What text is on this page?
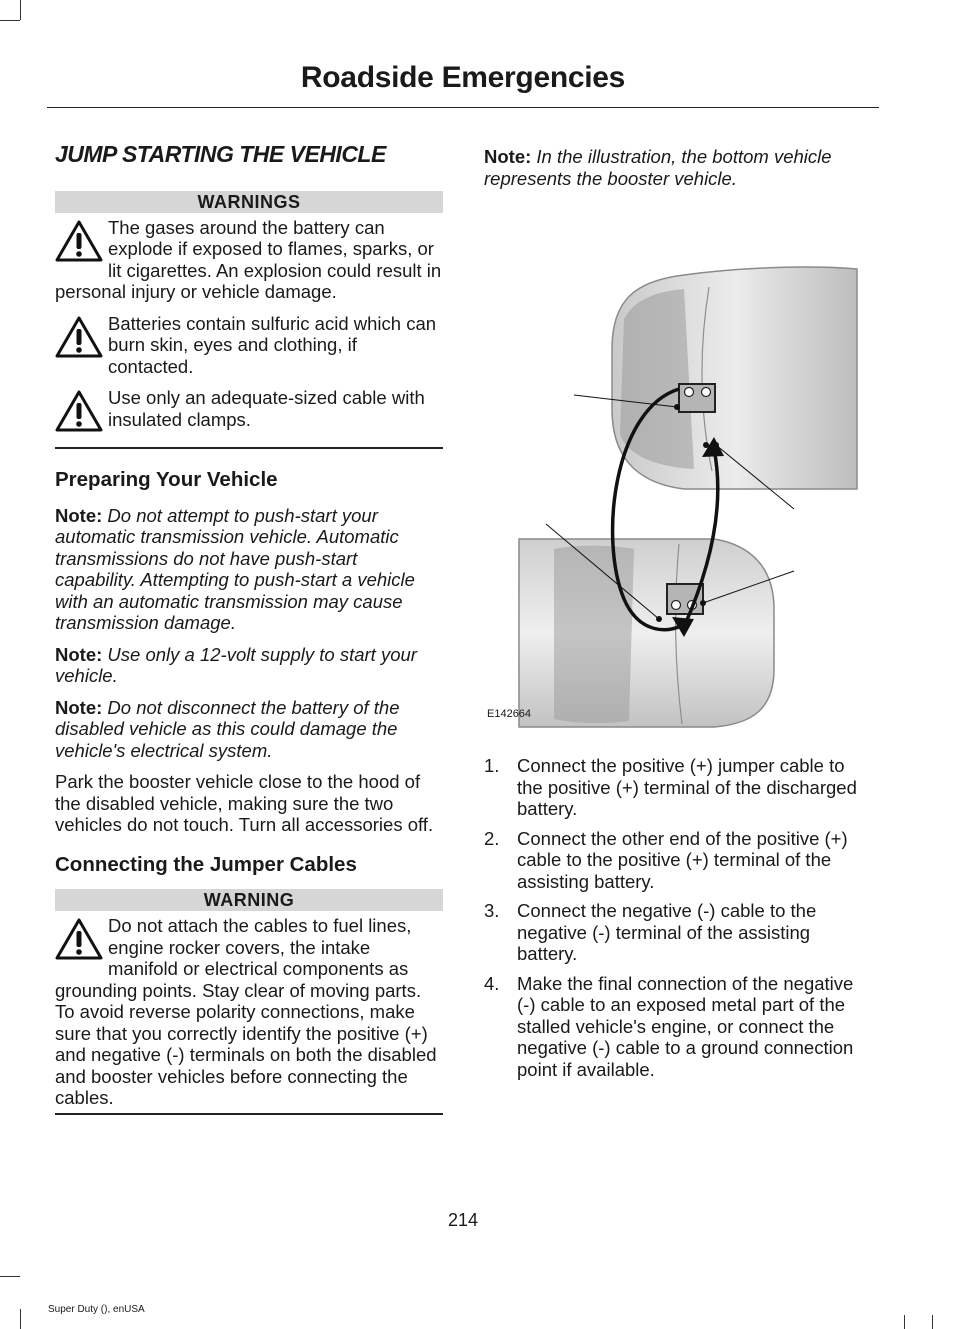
Roadside Emergencies
JUMP STARTING THE VEHICLE
WARNINGS
The gases around the battery can explode if exposed to flames, sparks, or lit cigarettes. An explosion could result in personal injury or vehicle damage.
Batteries contain sulfuric acid which can burn skin, eyes and clothing, if contacted.
Use only an adequate-sized cable with insulated clamps.
Preparing Your Vehicle

Note: Do not attempt to push-start your automatic transmission vehicle. Automatic transmissions do not have push-start capability. Attempting to push-start a vehicle with an automatic transmission may cause transmission damage.

Note: Use only a 12-volt supply to start your vehicle.

Note: Do not disconnect the battery of the disabled vehicle as this could damage the vehicle's electrical system.

Park the booster vehicle close to the hood of the disabled vehicle, making sure the two vehicles do not touch. Turn all accessories off.

Connecting the Jumper Cables
WARNING
Do not attach the cables to fuel lines, engine rocker covers, the intake manifold or electrical components as grounding points. Stay clear of moving parts. To avoid reverse polarity connections, make sure that you correctly identify the positive (+) and negative (-) terminals on both the disabled and booster vehicles before connecting the cables.

Note: In the illustration, the bottom vehicle represents the booster vehicle.

E142664
1. Connect the positive (+) jumper cable to the positive (+) terminal of the discharged battery.
2. Connect the other end of the positive (+) cable to the positive (+) terminal of the assisting battery.
3. Connect the negative (-) cable to the negative (-) terminal of the assisting battery.
4. Make the final connection of the negative (-) cable to an exposed metal part of the stalled vehicle's engine, or connect the negative (-) cable to a ground connection point if available.
214
Super Duty (), enUSA
